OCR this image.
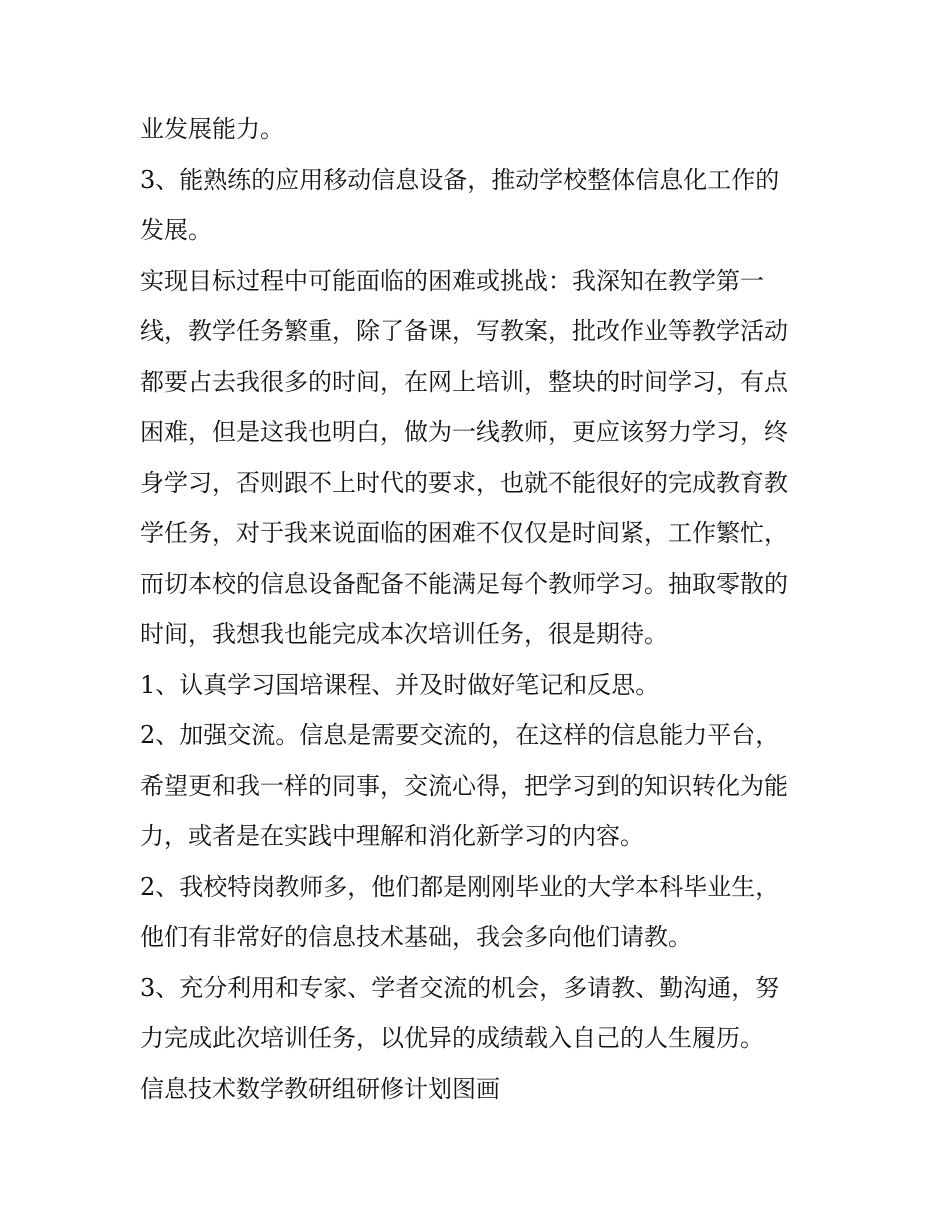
业发展能力。
3、能熟练的应用移动信息设备，推动学校整体信息化工作的
发展。
实现目标过程中可能面临的困难或挑战：我深知在教学第一
线，教学任务繁重，除了备课，写教案，批改作业等教学活动
都要占去我很多的时间，在网上培训，整块的时间学习，有点
困难，但是这我也明白，做为一线教师，更应该努力学习，终
身学习，否则跟不上时代的要求，也就不能很好的完成教育教
学任务，对于我来说面临的困难不仅仅是时间紧，工作繁忙，
而切本校的信息设备配备不能满足每个教师学习。抽取零散的
时间，我想我也能完成本次培训任务，很是期待。
1、认真学习国培课程、并及时做好笔记和反思。
2、加强交流。信息是需要交流的，在这样的信息能力平台，
希望更和我一样的同事，交流心得，把学习到的知识转化为能
力，或者是在实践中理解和消化新学习的内容。
2、我校特岗教师多，他们都是刚刚毕业的大学本科毕业生，
他们有非常好的信息技术基础，我会多向他们请教。
3、充分利用和专家、学者交流的机会，多请教、勤沟通，努
力完成此次培训任务，以优异的成绩载入自己的人生履历。
信息技术数学教研组研修计划图画
